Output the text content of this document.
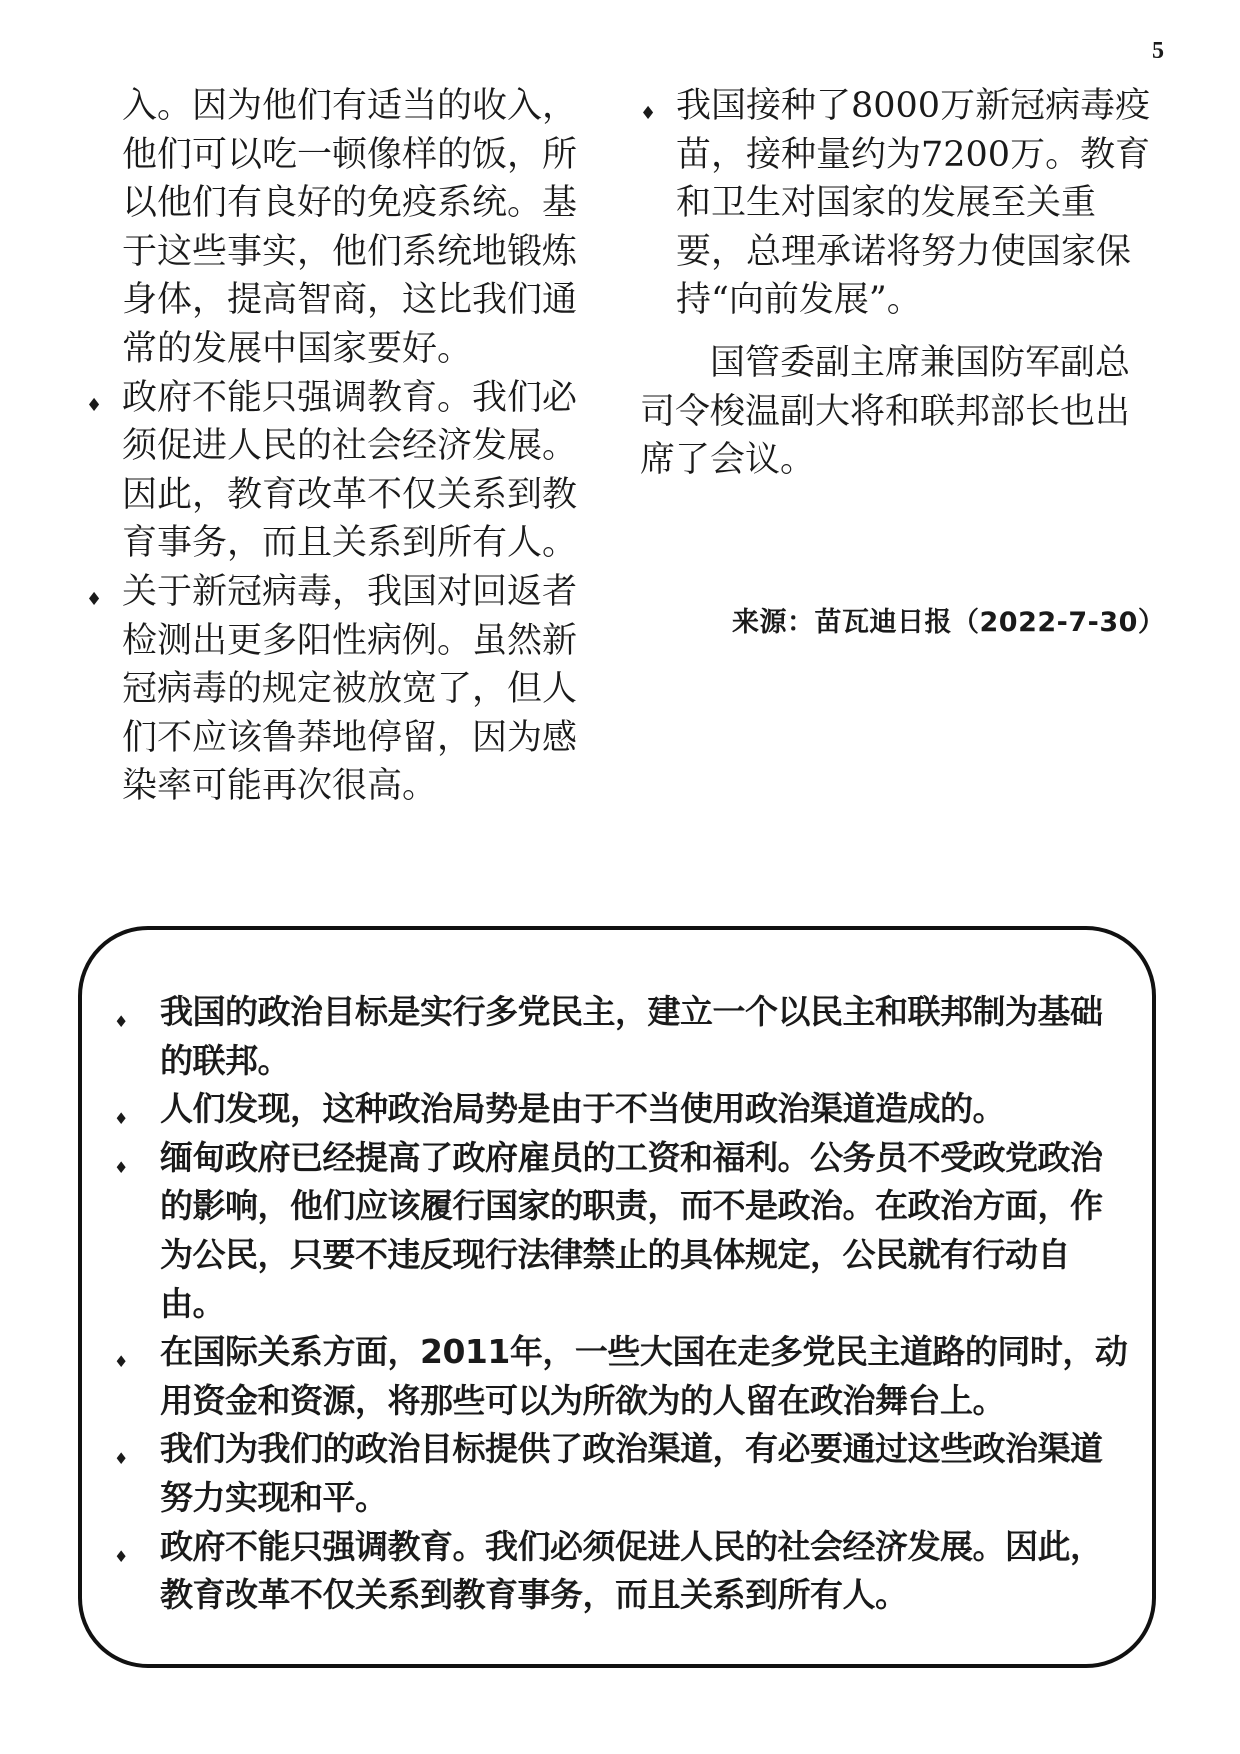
5
入。因为他们有适当的收入，他们可以吃一顿像样的饭，所以他们有良好的免疫系统。基于这些事实，他们系统地锻炼身体，提高智商，这比我们通常的发展中国家要好。
♦ 政府不能只强调教育。我们必须促进人民的社会经济发展。因此，教育改革不仅关系到教育事务，而且关系到所有人。
♦ 关于新冠病毒，我国对回返者检测出更多阳性病例。虽然新冠病毒的规定被放宽了，但人们不应该鲁莽地停留，因为感染率可能再次很高。
♦ 我国接种了8000万新冠病毒疫苗，接种量约为7200万。教育和卫生对国家的发展至关重要，总理承诺将努力使国家保持“向前发展”。
国管委副主席兼国防军副总司令梭温副大将和联邦部长也出席了会议。
来源：苗瓦迪日报（2022-7-30）
♦ 我国的政治目标是实行多党民主，建立一个以民主和联邦制为基础的联邦。
♦ 人们发现，这种政治局势是由于不当使用政治渠道造成的。
♦ 缅甸政府已经提高了政府雇员的工资和福利。公务员不受政党政治的影响，他们应该履行国家的职责，而不是政治。在政治方面，作为公民，只要不违反现行法律禁止的具体规定，公民就有行动自由。
♦ 在国际关系方面，2011年，一些大国在走多党民主道路的同时，动用资金和资源，将那些可以为所欲为的人留在政治舞台上。
♦ 我们为我们的政治目标提供了政治渠道，有必要通过这些政治渠道努力实现和平。
♦ 政府不能只强调教育。我们必须促进人民的社会经济发展。因此，教育改革不仅关系到教育事务，而且关系到所有人。
